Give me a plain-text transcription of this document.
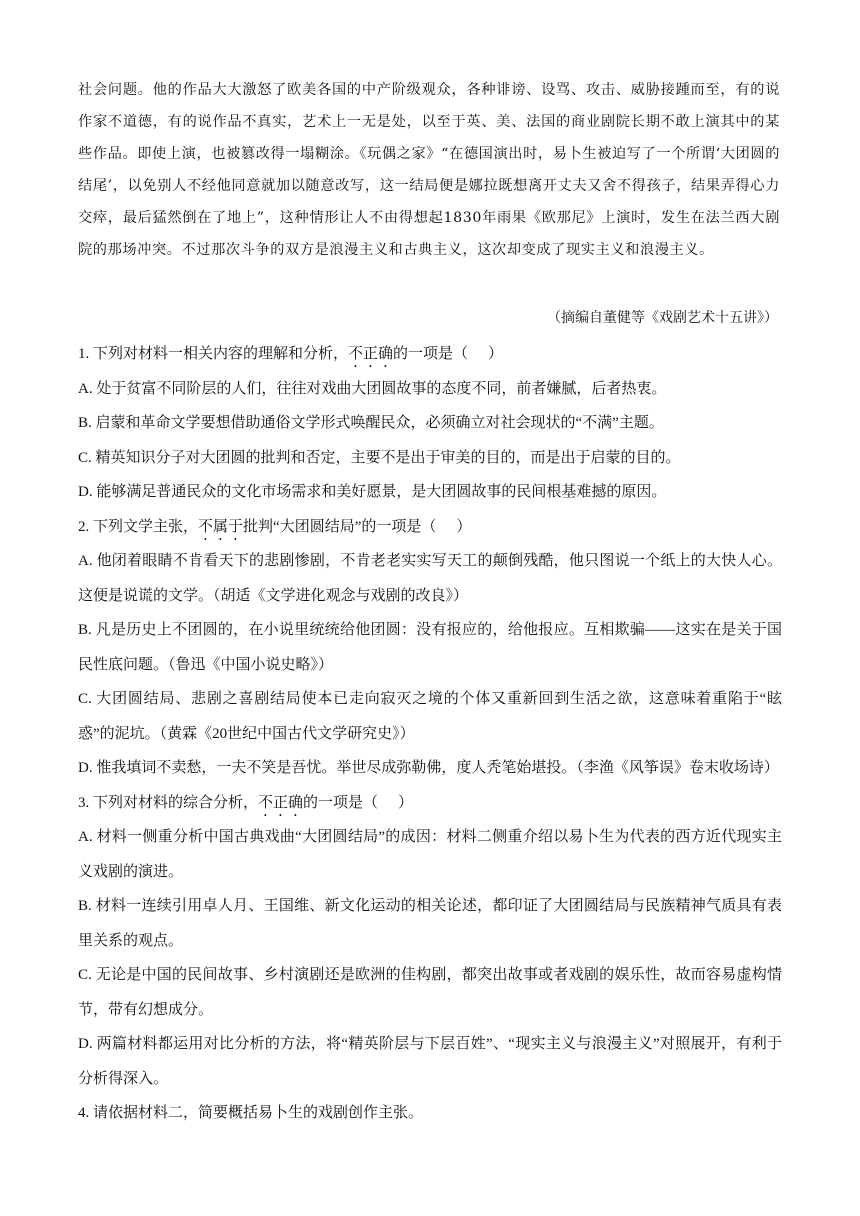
社会问题。他的作品大大激怒了欧美各国的中产阶级观众，各种诽谤、设骂、攻击、威胁接踵而至，有的说作家不道德，有的说作品不真实，艺术上一无是处，以至于英、美、法国的商业剧院长期不敢上演其中的某些作品。即使上演，也被篡改得一塌糊涂。《玩偶之家》“在德国演出时，易卜生被迫写了一个所谓‘大团圆的结尾’，以免别人不经他同意就加以随意改写，这一结局便是娜拉既想离开丈夫又舍不得孩子，结果弄得心力交瘁，最后猛然倒在了地上”，这种情形让人不由得想起1830年雨果《欧那尼》上演时，发生在法兰西大剧院的那场冲突。不过那次斗争的双方是浪漫主义和古典主义，这次却变成了现实主义和浪漫主义。

（摘编自董健等《戏剧艺术十五讲》）

1. 下列对材料一相关内容的理解和分析，不正确的一项是（ ）

A. 处于贫富不同阶层的人们，往往对戏曲大团圆故事的态度不同，前者嫌腻，后者热衷。

B. 启蒙和革命文学要想借助通俗文学形式唤醒民众，必须确立对社会现状的“不满”主题。

C. 精英知识分子对大团圆的批判和否定，主要不是出于审美的目的，而是出于启蒙的目的。

D. 能够满足普通民众的文化市场需求和美好愿景，是大团圆故事的民间根基难撼的原因。

2. 下列文学主张，不属于批判“大团圆结局”的一项是（ ）

A. 他闭着眼睛不肯看天下的悲剧惨剧，不肯老老实实写天工的颠倒残酷，他只图说一个纸上的大快人心。这便是说谎的文学。（胡适《文学进化观念与戏剧的改良》）

B. 凡是历史上不团圆的，在小说里统统给他团圆：没有报应的，给他报应。互相欺骗——这实在是关于国民性底问题。（鲁迅《中国小说史略》）

C. 大团圆结局、悲剧之喜剧结局使本已走向寂灭之境的个体又重新回到生活之欲，这意味着重陷于“眩惑”的泥坑。（黄霖《20世纪中国古代文学研究史》）

D. 惟我填词不卖愁，一夫不笑是吾忧。举世尽成弥勒佛，度人秃笔始堪投。（李渔《风筝误》卷末收场诗）

3. 下列对材料的综合分析，不正确的一项是（ ）

A. 材料一侧重分析中国古典戏曲“大团圆结局”的成因：材料二侧重介绍以易卜生为代表的西方近代现实主义戏剧的演进。

B. 材料一连续引用卓人月、王国维、新文化运动的相关论述，都印证了大团圆结局与民族精神气质具有表里关系的观点。

C. 无论是中国的民间故事、乡村演剧还是欧洲的佳构剧，都突出故事或者戏剧的娱乐性，故而容易虚构情节，带有幻想成分。

D. 两篇材料都运用对比分析的方法，将“精英阶层与下层百姓”、“现实主义与浪漫主义”对照展开，有利于分析得深入。

4. 请依据材料二，简要概括易卜生的戏剧创作主张。
